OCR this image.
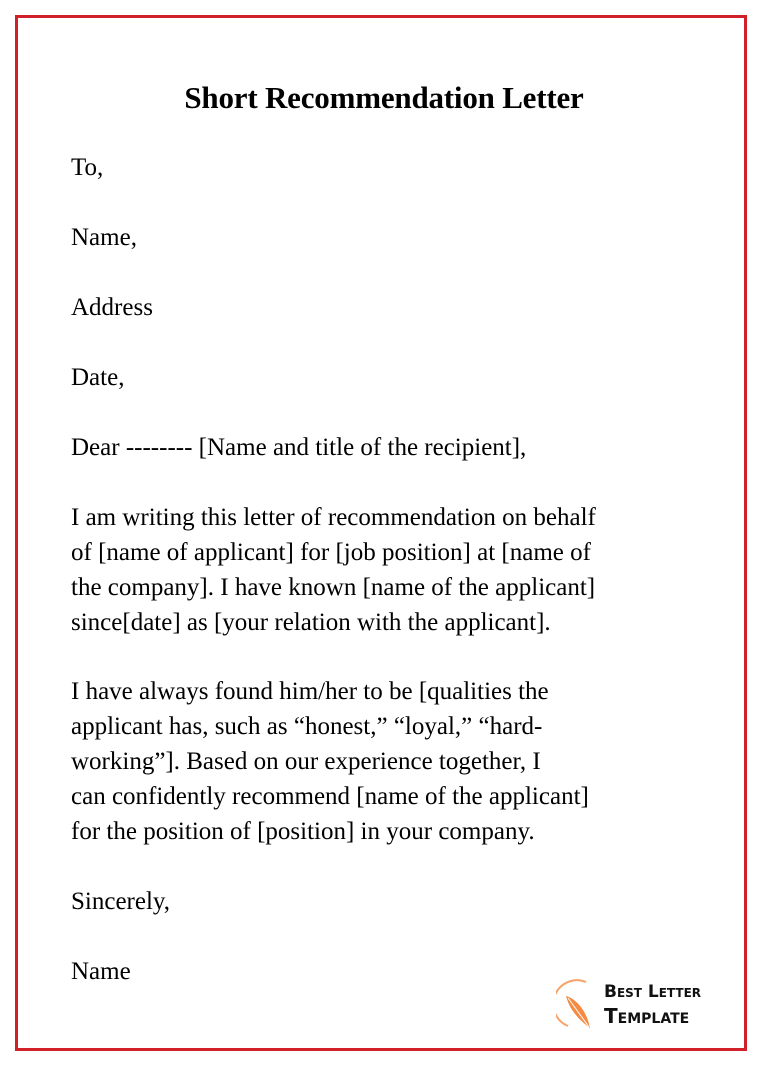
Short Recommendation Letter
To,
Name,
Address
Date,
Dear -------- [Name and title of the recipient],
I am writing this letter of recommendation on behalf
of [name of applicant] for [job position] at [name of
the company]. I have known [name of the applicant]
since[date] as [your relation with the applicant].
I have always found him/her to be [qualities the
applicant has, such as “honest,” “loyal,” “hard-
working”]. Based on our experience together, I
can confidently recommend [name of the applicant]
for the position of [position] in your company.
Sincerely,
Name
Best Letter
Template
